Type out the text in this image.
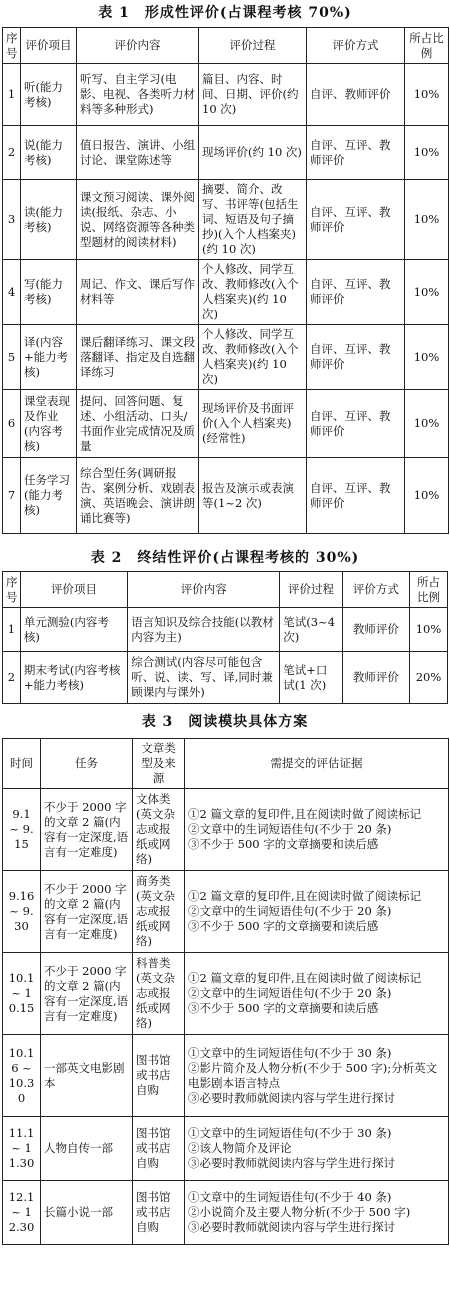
表 1　形成性评价(占课程考核 70%)
序号	评价项目	评价内容	评价过程	评价方式	所占比例
1	听(能力考核)	听写、自主学习(电影、电视、各类听力材料等多种形式)	篇目、内容、时间、日期、评价(约 10 次)	自评、教师评价	10%
2	说(能力考核)	值日报告、演讲、小组讨论、课堂陈述等	现场评价(约 10 次)	自评、互评、教师评价	10%
3	读(能力考核)	课文预习阅读、课外阅读(报纸、杂志、小说、网络资源等各种类型题材的阅读材料)	摘要、简介、改写、书评等(包括生词、短语及句子摘抄)(入个人档案夹)(约 10 次)	自评、互评、教师评价	10%
4	写(能力考核)	周记、作文、课后写作材料等	个人修改、同学互改、教师修改(入个人档案夹)(约 10 次)	自评、互评、教师评价	10%
5	译(内容+能力考核)	课后翻译练习、课文段落翻译、指定及自选翻译练习	个人修改、同学互改、教师修改(入个人档案夹)(约 10 次)	自评、互评、教师评价	10%
6	课堂表现及作业(内容考核)	提问、回答问题、复述、小组活动、口头/书面作业完成情况及质量	现场评价及书面评价(入个人档案夹)(经常性)	自评、互评、教师评价	10%
7	任务学习(能力考核)	综合型任务(调研报告、案例分析、戏剧表演、英语晚会、演讲朗诵比赛等)	报告及演示或表演等(1~2 次)	自评、互评、教师评价	10%
表 2　终结性评价(占课程考核的 30%)
序号	评价项目	评价内容	评价过程	评价方式	所占比例
1	单元测验(内容考核)	语言知识及综合技能(以教材内容为主)	笔试(3~4 次)	教师评价	10%
2	期末考试(内容考核+能力考核)	综合测试(内容尽可能包含听、说、读、写、译,同时兼顾课内与课外)	笔试+口试(1 次)	教师评价	20%
表 3　阅读模块具体方案
时间	任务	文章类型及来源	需提交的评估证据
9.1 ~ 9.15	不少于 2000 字的文章 2 篇(内容有一定深度,语言有一定难度)	文体类(英文杂志或报纸或网络)	①2 篇文章的复印件,且在阅读时做了阅读标记
②文章中的生词短语佳句(不少于 20 条)
③不少于 500 字的文章摘要和读后感
9.16 ~ 9.30	不少于 2000 字的文章 2 篇(内容有一定深度,语言有一定难度)	商务类(英文杂志或报纸或网络)	①2 篇文章的复印件,且在阅读时做了阅读标记
②文章中的生词短语佳句(不少于 20 条)
③不少于 500 字的文章摘要和读后感
10.1 ~ 10.15	不少于 2000 字的文章 2 篇(内容有一定深度,语言有一定难度)	科普类(英文杂志或报纸或网络)	①2 篇文章的复印件,且在阅读时做了阅读标记
②文章中的生词短语佳句(不少于 20 条)
③不少于 500 字的文章摘要和读后感
10.16 ~ 10.30	一部英文电影剧本	图书馆或书店自购	①文章中的生词短语佳句(不少于 30 条)
②影片简介及人物分析(不少于 500 字);分析英文电影剧本语言特点
③必要时教师就阅读内容与学生进行探讨
11.1 ~ 11.30	人物自传一部	图书馆或书店自购	①文章中的生词短语佳句(不少于 30 条)
②该人物简介及评论
③必要时教师就阅读内容与学生进行探讨
12.1 ~ 12.30	长篇小说一部	图书馆或书店自购	①文章中的生词短语佳句(不少于 40 条)
②小说简介及主要人物分析(不少于 500 字)
③必要时教师就阅读内容与学生进行探讨
